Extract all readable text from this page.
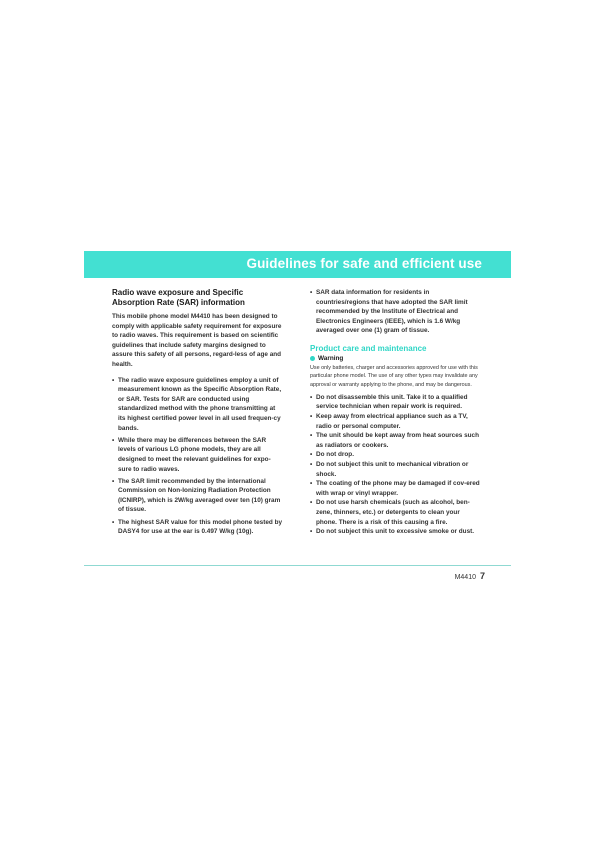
Guidelines for safe and efficient use

Radio wave exposure and Specific Absorption Rate (SAR) information

This mobile phone model M4410 has been designed to comply with applicable safety requirement for exposure to radio waves. This requirement is based on scientific guidelines that include safety margins designed to assure this safety of all persons, regard-less of age and health.

• The radio wave exposure guidelines employ a unit of measurement known as the Specific Absorption Rate, or SAR. Tests for SAR are conducted using standardized method with the phone transmitting at its highest certified power level in all used frequen-cy bands.
• While there may be differences between the SAR levels of various LG phone models, they are all designed to meet the relevant guidelines for expo-sure to radio waves.
• The SAR limit recommended by the international Commission on Non-Ionizing Radiation Protection (ICNIRP), which is 2W/kg averaged over ten (10) gram of tissue.
• The highest SAR value for this model phone tested by DASY4 for use at the ear is 0.497 W/kg (10g).
• SAR data information for residents in countries/regions that have adopted the SAR limit recommended by the Institute of Electrical and Electronics Engineers (IEEE), which is 1.6 W/kg averaged over one (1) gram of tissue.

Product care and maintenance

Warning

Use only batteries, charger and accessories approved for use with this particular phone model. The use of any other types may invalidate any approval or warranty applying to the phone, and may be dangerous.

• Do not disassemble this unit. Take it to a qualified service technician when repair work is required.
• Keep away from electrical appliance such as a TV, radio or personal computer.
• The unit should be kept away from heat sources such as radiators or cookers.
• Do not drop.
• Do not subject this unit to mechanical vibration or shock.
• The coating of the phone may be damaged if cov-ered with wrap or vinyl wrapper.
• Do not use harsh chemicals (such as alcohol, ben-zene, thinners, etc.) or detergents to clean your phone. There is a risk of this causing a fire.
• Do not subject this unit to excessive smoke or dust.
M4410 7
